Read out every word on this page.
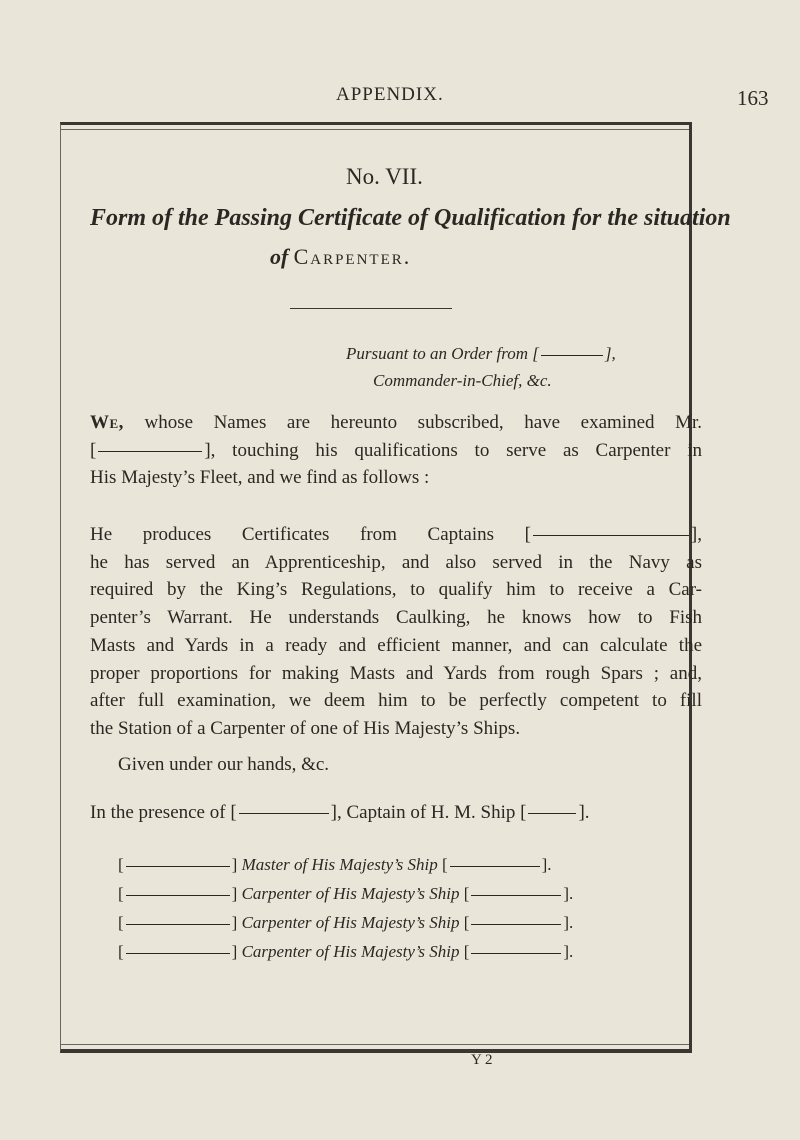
APPENDIX.	163
No. VII.
Form of the Passing Certificate of Qualification for the situation
of Carpenter.
Pursuant to an Order from [	],
Commander-in-Chief, &c.
We, whose Names are hereunto subscribed, have examined Mr.
[	], touching his qualifications to serve as Carpenter in
His Majesty’s Fleet, and we find as follows :
He produces Certificates from Captains [	],
he has served an Apprenticeship, and also served in the Navy as
required by the King’s Regulations, to qualify him to receive a Car-
penter’s Warrant. He understands Caulking, he knows how to Fish
Masts and Yards in a ready and efficient manner, and can calculate the
proper proportions for making Masts and Yards from rough Spars ; and,
after full examination, we deem him to be perfectly competent to fill
the Station of a Carpenter of one of His Majesty’s Ships.
Given under our hands, &c.
In the presence of [	], Captain of H. M. Ship [	].
[	] Master of His Majesty’s Ship [	].
[	] Carpenter of His Majesty’s Ship [	].
[	] Carpenter of His Majesty’s Ship [	].
[	] Carpenter of His Majesty’s Ship [	].
Y 2
